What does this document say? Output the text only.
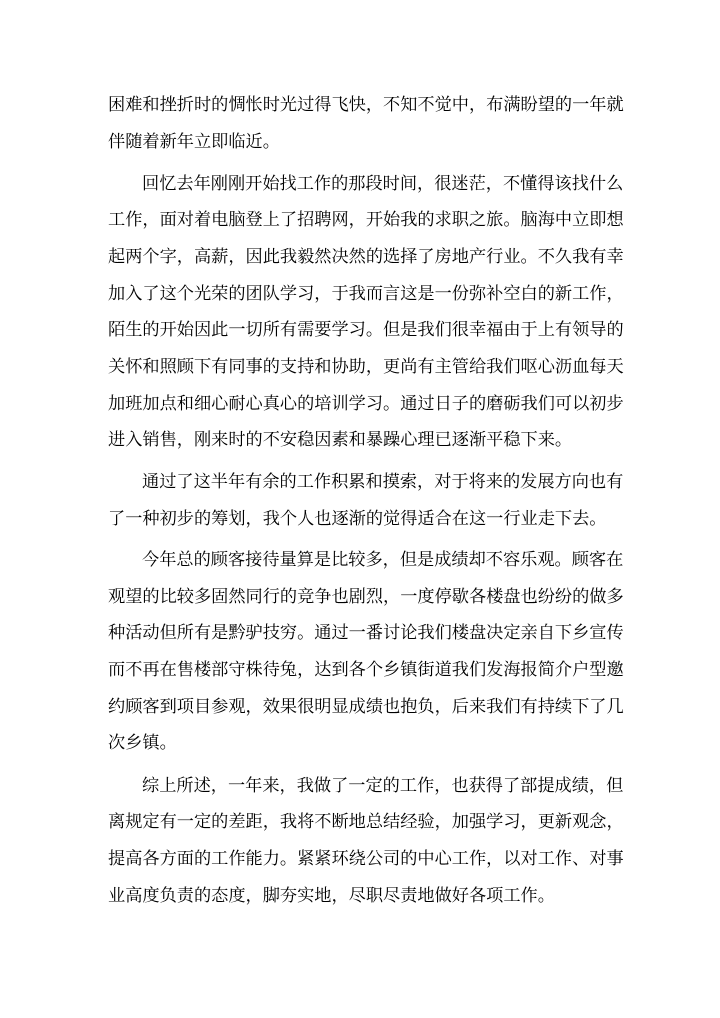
困难和挫折时的惆怅时光过得飞快，不知不觉中，布满盼望的一年就

伴随着新年立即临近。

回忆去年刚刚开始找工作的那段时间，很迷茫，不懂得该找什么

工作，面对着电脑登上了招聘网，开始我的求职之旅。脑海中立即想

起两个字，高薪，因此我毅然决然的选择了房地产行业。不久我有幸

加入了这个光荣的团队学习，于我而言这是一份弥补空白的新工作，

陌生的开始因此一切所有需要学习。但是我们很幸福由于上有领导的

关怀和照顾下有同事的支持和协助，更尚有主管给我们呕心沥血每天

加班加点和细心耐心真心的培训学习。通过日子的磨砺我们可以初步

进入销售，刚来时的不安稳因素和暴躁心理已逐渐平稳下来。

通过了这半年有余的工作积累和摸索，对于将来的发展方向也有

了一种初步的筹划，我个人也逐渐的觉得适合在这一行业走下去。

今年总的顾客接待量算是比较多，但是成绩却不容乐观。顾客在

观望的比较多固然同行的竞争也剧烈，一度停歇各楼盘也纷纷的做多

种活动但所有是黔驴技穷。通过一番讨论我们楼盘决定亲自下乡宣传

而不再在售楼部守株待兔，达到各个乡镇街道我们发海报简介户型邀

约顾客到项目参观，效果很明显成绩也抱负，后来我们有持续下了几

次乡镇。

综上所述，一年来，我做了一定的工作，也获得了部提成绩，但

离规定有一定的差距，我将不断地总结经验，加强学习，更新观念，

提高各方面的工作能力。紧紧环绕公司的中心工作，以对工作、对事

业高度负责的态度，脚夯实地，尽职尽责地做好各项工作。
